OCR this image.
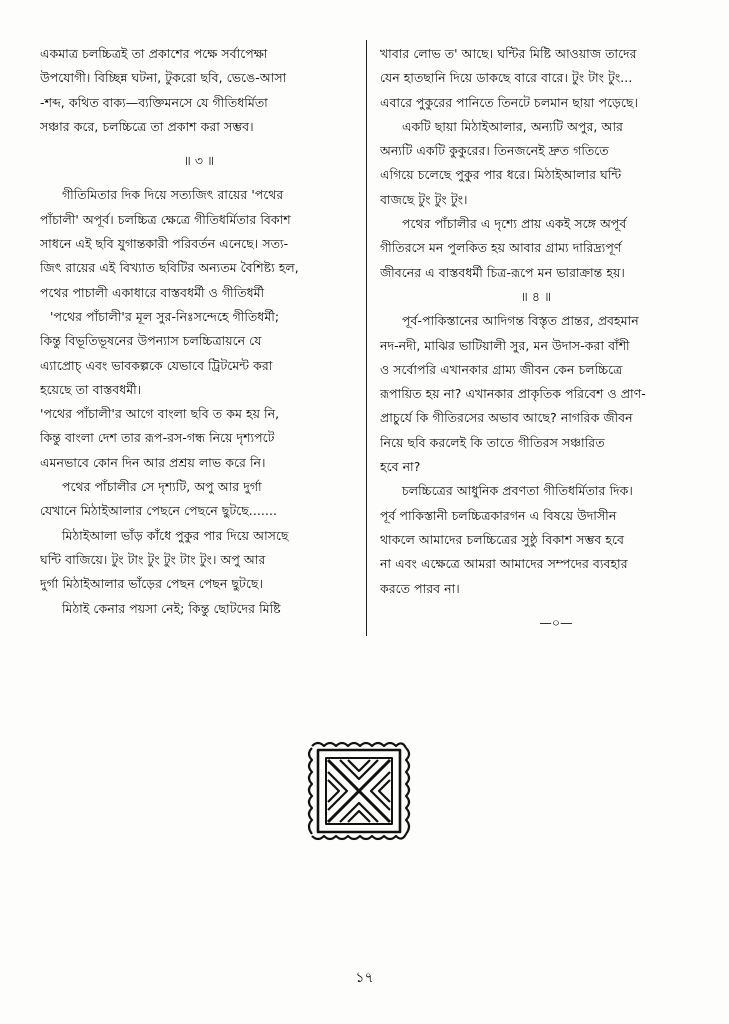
একমাত্র চলচ্চিত্রই তা প্রকাশের পক্ষে সর্বাপেক্ষা
উপযোগী। বিচ্ছিন্ন ঘটনা, টুকরো ছবি, ভেঙে-আসা
-শব্দ, কথিত বাক্য—ব্যক্তিমনসে যে গীতিধর্মিতা
সঞ্চার করে, চলচ্চিত্রে তা প্রকাশ করা সম্ভব।
॥ ৩ ॥
গীতিমিতার দিক দিয়ে সত্যজিৎ রায়ের 'পথের
পাঁচালী' অপূর্ব। চলচ্চিত্র ক্ষেত্রে গীতিধর্মিতার বিকাশ
সাধনে এই ছবি যুগান্তকারী পরিবর্তন এনেছে। সত্য-
জিৎ রায়ের এই বিখ্যাত ছবিটির অন্যতম বৈশিষ্ট্য হল,
পথের পাচালী একাধারে বাস্তবধর্মী ও গীতিধর্মী
'পথের পাঁচালী'র মূল সুর-নিঃসন্দেহে গীতিধর্মী;
কিন্তু বিভূতিভূষনের উপন্যাস চলচ্চিত্রায়নে যে
এ্যাপ্রোচ্ এবং ভাবকল্পকে যেভাবে ট্রিটমেন্ট করা
হয়েছে তা বাস্তবধর্মী।
'পথের পাঁচালী'র আগে বাংলা ছবি ত কম হয় নি,
কিন্তু বাংলা দেশ তার রূপ-রস-গন্ধ নিয়ে দৃশ্যপটে
এমনভাবে কোন দিন আর প্রশ্রয় লাভ করে নি।
পথের পাঁচালীর সে দৃশ্যটি, অপু আর দুর্গা
যেখানে মিঠাইআলার পেছনে পেছনে ছুটছে.......
মিঠাইআলা ভাঁড় কাঁধে পুকুর পার দিয়ে আসছে
ঘন্টি বাজিয়ে। টুং টাং টুং টুং টাং টুং। অপু আর
দুর্গা মিঠাইআলার ভাঁড়ের পেছন পেছন ছুটছে।
মিঠাই কেনার পয়সা নেই; কিন্তু ছোটদের মিষ্টি
খাবার লোভ ত' আছে। ঘন্টির মিষ্টি আওয়াজ তাদের
যেন হাতছানি দিয়ে ডাকছে বারে বারে। টুং টাং টুং...
এবারে পুকুরের পানিতে তিনটে চলমান ছায়া পড়েছে।
একটি ছায়া মিঠাইআলার, অন্যটি অপুর, আর
অন্যটি একটি কুকুরের। তিনজনেই দ্রুত গতিতে
এগিয়ে চলেছে পুকুর পার ধরে। মিঠাইআলার ঘন্টি
বাজছে টুং টুং টুং।
পথের পাঁচালীর এ দৃশ্যে প্রায় একই সঙ্গে অপূর্ব
গীতিরসে মন পুলকিত হয় আবার গ্রাম্য দারিদ্র্যপূর্ণ
জীবনের এ বাস্তবধর্মী চিত্র-রূপে মন ভারাক্রান্ত হয়।
॥ ৪ ॥
পূর্ব-পাকিস্তানের আদিগন্ত বিস্তৃত প্রান্তর, প্রবহমান
নদ-নদী, মাঝির ভাটিয়ালী সুর, মন উদাস-করা বাঁশী
ও সর্বোপরি এখানকার গ্রাম্য জীবন কেন চলচ্চিত্রে
রূপায়িত হয় না? এখানকার প্রাকৃতিক পরিবেশ ও প্রাণ-
প্রাচুর্যে কি গীতিরসের অভাব আছে? নাগরিক জীবন
নিয়ে ছবি করলেই কি তাতে গীতিরস সঞ্চারিত
হবে না?
চলচ্চিত্রের আধুনিক প্রবণতা গীতিধর্মিতার দিক।
পূর্ব পাকিস্তানী চলচ্চিত্রকারগন এ বিষয়ে উদাসীন
থাকলে আমাদের চলচ্চিত্রের সুষ্ঠু বিকাশ সম্ভব হবে
না এবং এক্ষেত্রে আমরা আমাদের সম্পদের ব্যবহার
করতে পারব না।
—০—
১৭
